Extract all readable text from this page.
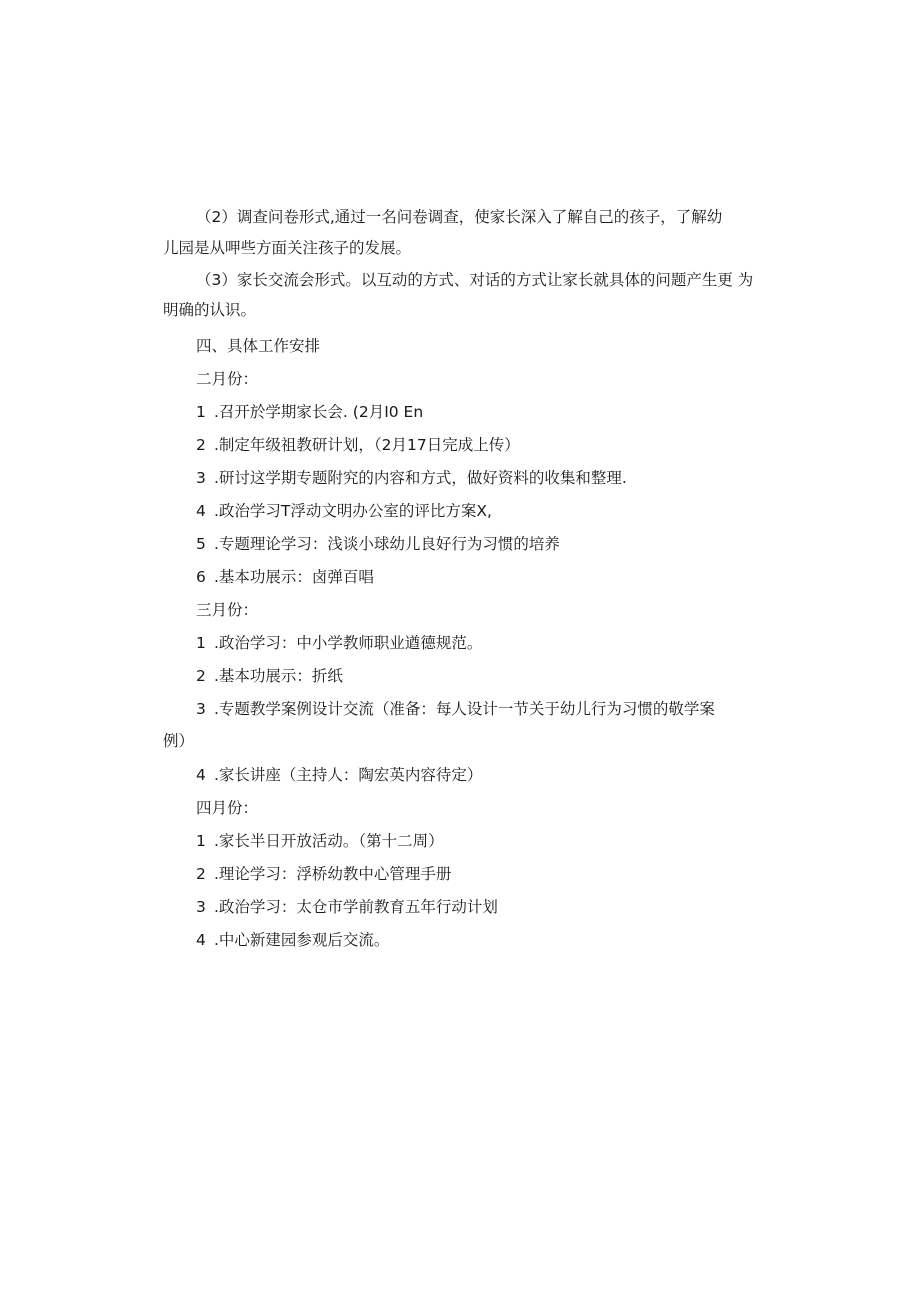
（2）调查问卷形式,通过一名问卷调查，使家长深入了解自己的孩子，了解幼
儿园是从呷些方面关注孩子的发展。
（3）家长交流会形式。以互动的方式、对话的方式让家长就具体的问题产生更 为
明确的认识。
四、具体工作安排
二月份：
1 .召开於学期家长会. (2月I0 En
2 .制定年级祖教研计划，（2月17日完成上传）
3 .研讨这学期专题附究的内容和方式，做好资料的收集和整理.
4 .政治学习T浮动文明办公室的评比方案X,
5 .专题理论学习：浅谈小球幼儿良好行为习惯的培养
6 .基本功展示：卤弹百唱
三月份：
1 .政治学习：中小学教师职业遒德规范。
2 .基本功展示：折纸
3 .专题教学案例设计交流（准备：每人设计一节关于幼儿行为习惯的敬学案
例）
4 .家长讲座（主持人：陶宏英内容待定）
四月份：
1 .家长半日开放活动。（第十二周）
2 .理论学习：浮桥幼教中心管理手册
3 .政治学习：太仓市学前教育五年行动计划
4 .中心新建园参观后交流。
